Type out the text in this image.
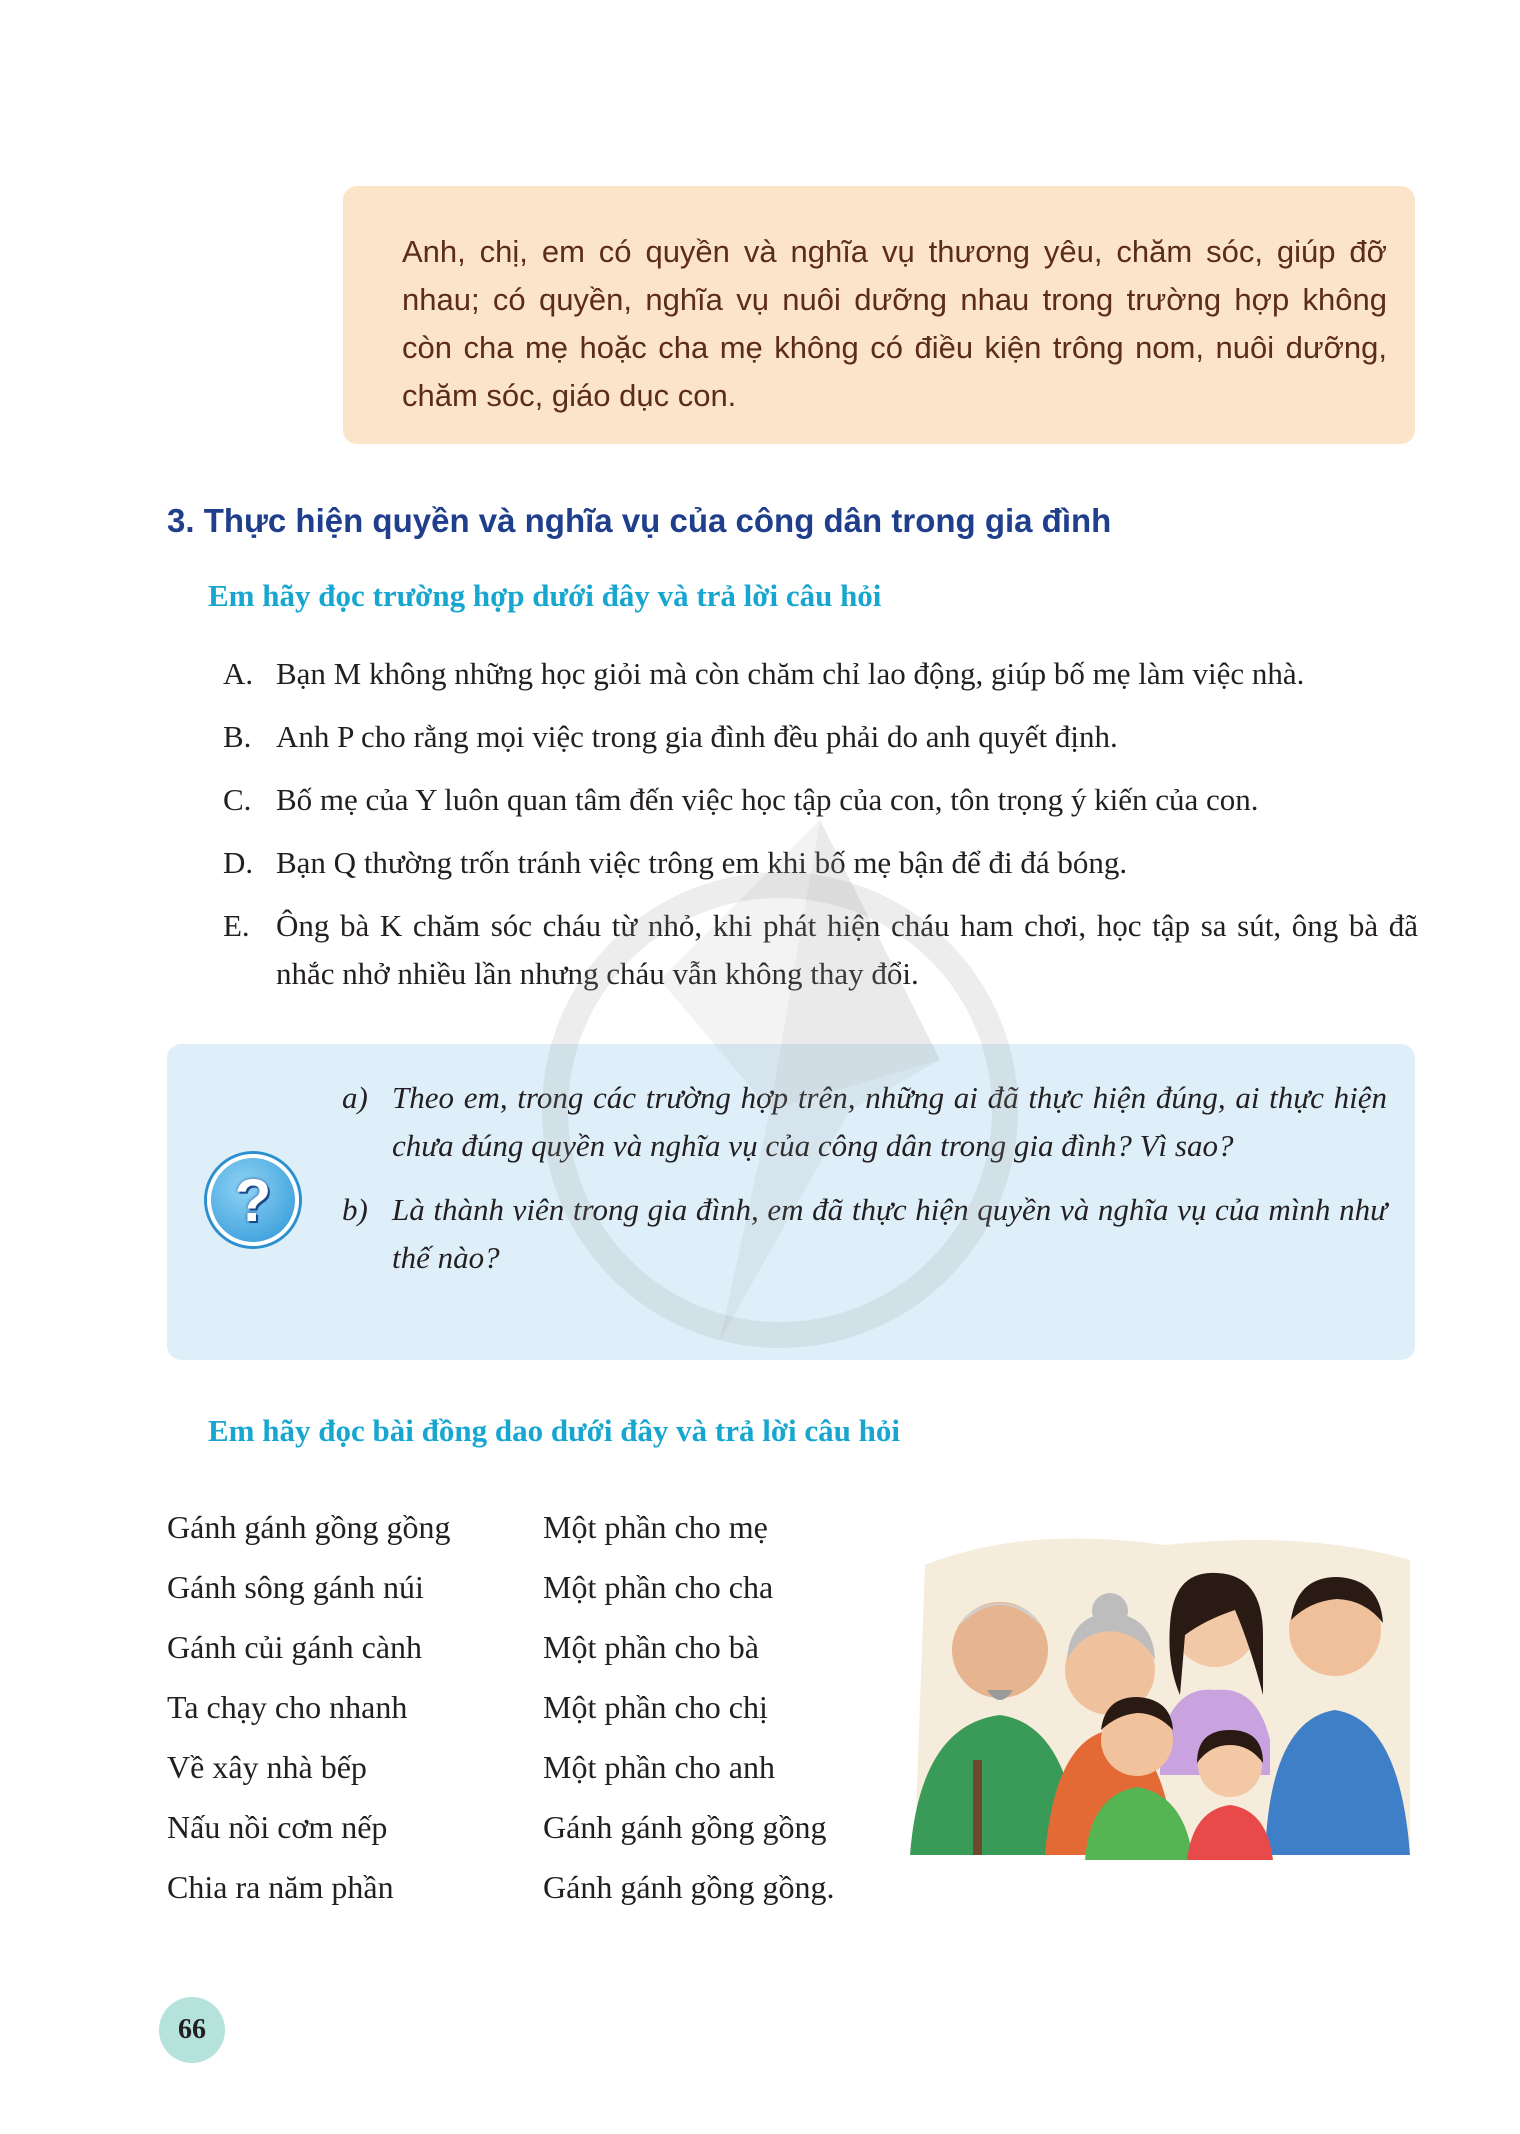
Anh, chị, em có quyền và nghĩa vụ thương yêu, chăm sóc, giúp đỡ nhau; có quyền, nghĩa vụ nuôi dưỡng nhau trong trường hợp không còn cha mẹ hoặc cha mẹ không có điều kiện trông nom, nuôi dưỡng, chăm sóc, giáo dục con.

3. Thực hiện quyền và nghĩa vụ của công dân trong gia đình
Em hãy đọc trường hợp dưới đây và trả lời câu hỏi
A. Bạn M không những học giỏi mà còn chăm chỉ lao động, giúp bố mẹ làm việc nhà.
B. Anh P cho rằng mọi việc trong gia đình đều phải do anh quyết định.
C. Bố mẹ của Y luôn quan tâm đến việc học tập của con, tôn trọng ý kiến của con.
D. Bạn Q thường trốn tránh việc trông em khi bố mẹ bận để đi đá bóng.
E. Ông bà K chăm sóc cháu từ nhỏ, khi phát hiện cháu ham chơi, học tập sa sút, ông bà đã nhắc nhở nhiều lần nhưng cháu vẫn không thay đổi.
?
a) Theo em, trong các trường hợp trên, những ai đã thực hiện đúng, ai thực hiện chưa đúng quyền và nghĩa vụ của công dân trong gia đình? Vì sao?
b) Là thành viên trong gia đình, em đã thực hiện quyền và nghĩa vụ của mình như thế nào?
Em hãy đọc bài đồng dao dưới đây và trả lời câu hỏi
Gánh gánh gồng gồng
Gánh sông gánh núi
Gánh củi gánh cành
Ta chạy cho nhanh
Về xây nhà bếp
Nấu nồi cơm nếp
Chia ra năm phần
Một phần cho mẹ
Một phần cho cha
Một phần cho bà
Một phần cho chị
Một phần cho anh
Gánh gánh gồng gồng
Gánh gánh gồng gồng.
66
